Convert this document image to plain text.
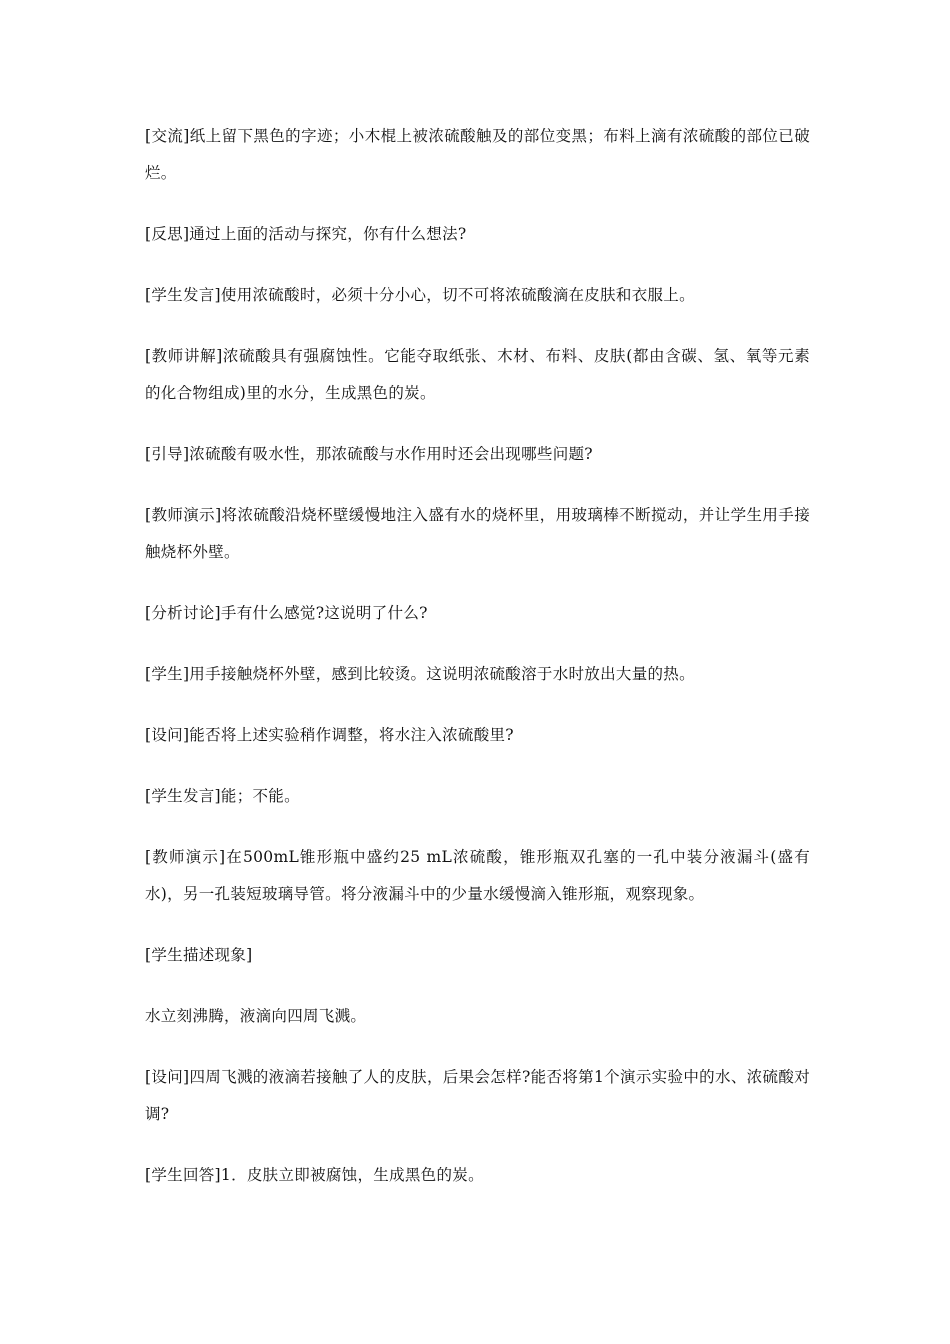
[交流]纸上留下黑色的字迹；小木棍上被浓硫酸触及的部位变黑；布料上滴有浓硫酸的部位已破烂。

[反思]通过上面的活动与探究，你有什么想法?

[学生发言]使用浓硫酸时，必须十分小心，切不可将浓硫酸滴在皮肤和衣服上。

[教师讲解]浓硫酸具有强腐蚀性。它能夺取纸张、木材、布料、皮肤(都由含碳、氢、氧等元素的化合物组成)里的水分，生成黑色的炭。

[引导]浓硫酸有吸水性，那浓硫酸与水作用时还会出现哪些问题?

[教师演示]将浓硫酸沿烧杯壁缓慢地注入盛有水的烧杯里，用玻璃棒不断搅动，并让学生用手接触烧杯外壁。

[分析讨论]手有什么感觉?这说明了什么?

[学生]用手接触烧杯外壁，感到比较烫。这说明浓硫酸溶于水时放出大量的热。

[设问]能否将上述实验稍作调整，将水注入浓硫酸里?

[学生发言]能；不能。

[教师演示]在500mL锥形瓶中盛约25 mL浓硫酸，锥形瓶双孔塞的一孔中装分液漏斗(盛有水)，另一孔装短玻璃导管。将分液漏斗中的少量水缓慢滴入锥形瓶，观察现象。

[学生描述现象]

水立刻沸腾，液滴向四周飞溅。

[设问]四周飞溅的液滴若接触了人的皮肤，后果会怎样?能否将第1个演示实验中的水、浓硫酸对调?

[学生回答]1．皮肤立即被腐蚀，生成黑色的炭。
